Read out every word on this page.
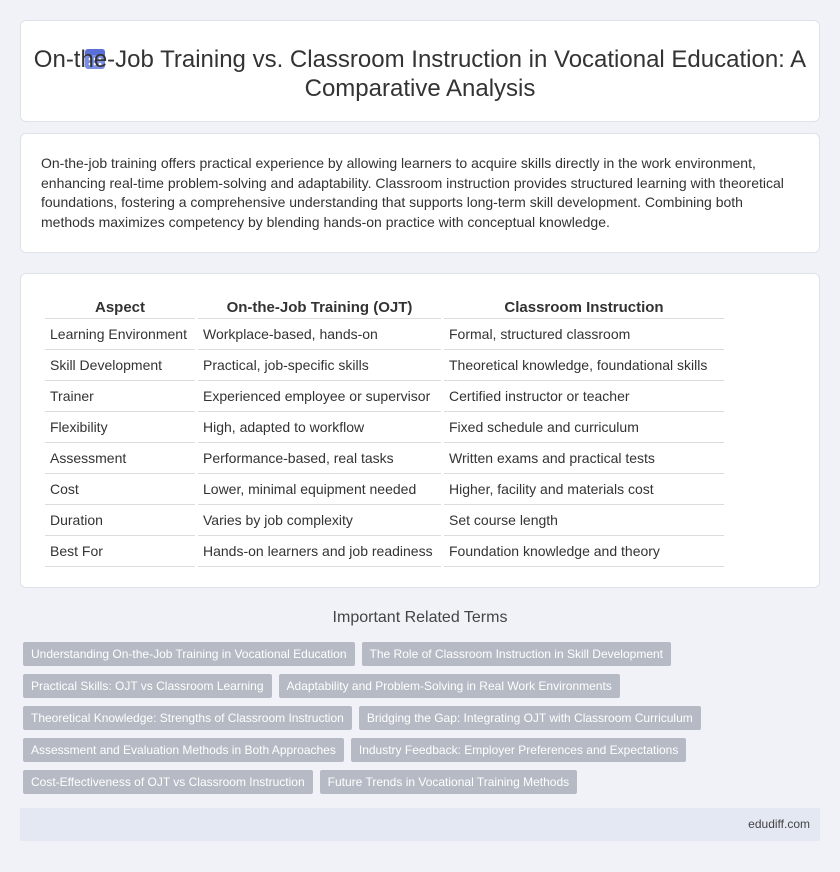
On-the-Job Training vs. Classroom Instruction in Vocational Education: A Comparative Analysis

On-the-job training offers practical experience by allowing learners to acquire skills directly in the work environment, enhancing real-time problem-solving and adaptability. Classroom instruction provides structured learning with theoretical foundations, fostering a comprehensive understanding that supports long-term skill development. Combining both methods maximizes competency by blending hands-on practice with conceptual knowledge.

Aspect	On-the-Job Training (OJT)	Classroom Instruction
Learning Environment	Workplace-based, hands-on	Formal, structured classroom
Skill Development	Practical, job-specific skills	Theoretical knowledge, foundational skills
Trainer	Experienced employee or supervisor	Certified instructor or teacher
Flexibility	High, adapted to workflow	Fixed schedule and curriculum
Assessment	Performance-based, real tasks	Written exams and practical tests
Cost	Lower, minimal equipment needed	Higher, facility and materials cost
Duration	Varies by job complexity	Set course length
Best For	Hands-on learners and job readiness	Foundation knowledge and theory
Important Related Terms
Understanding On-the-Job Training in Vocational Education	The Role of Classroom Instruction in Skill Development
Practical Skills: OJT vs Classroom Learning	Adaptability and Problem-Solving in Real Work Environments
Theoretical Knowledge: Strengths of Classroom Instruction	Bridging the Gap: Integrating OJT with Classroom Curriculum
Assessment and Evaluation Methods in Both Approaches	Industry Feedback: Employer Preferences and Expectations
Cost-Effectiveness of OJT vs Classroom Instruction	Future Trends in Vocational Training Methods
edudiff.com
